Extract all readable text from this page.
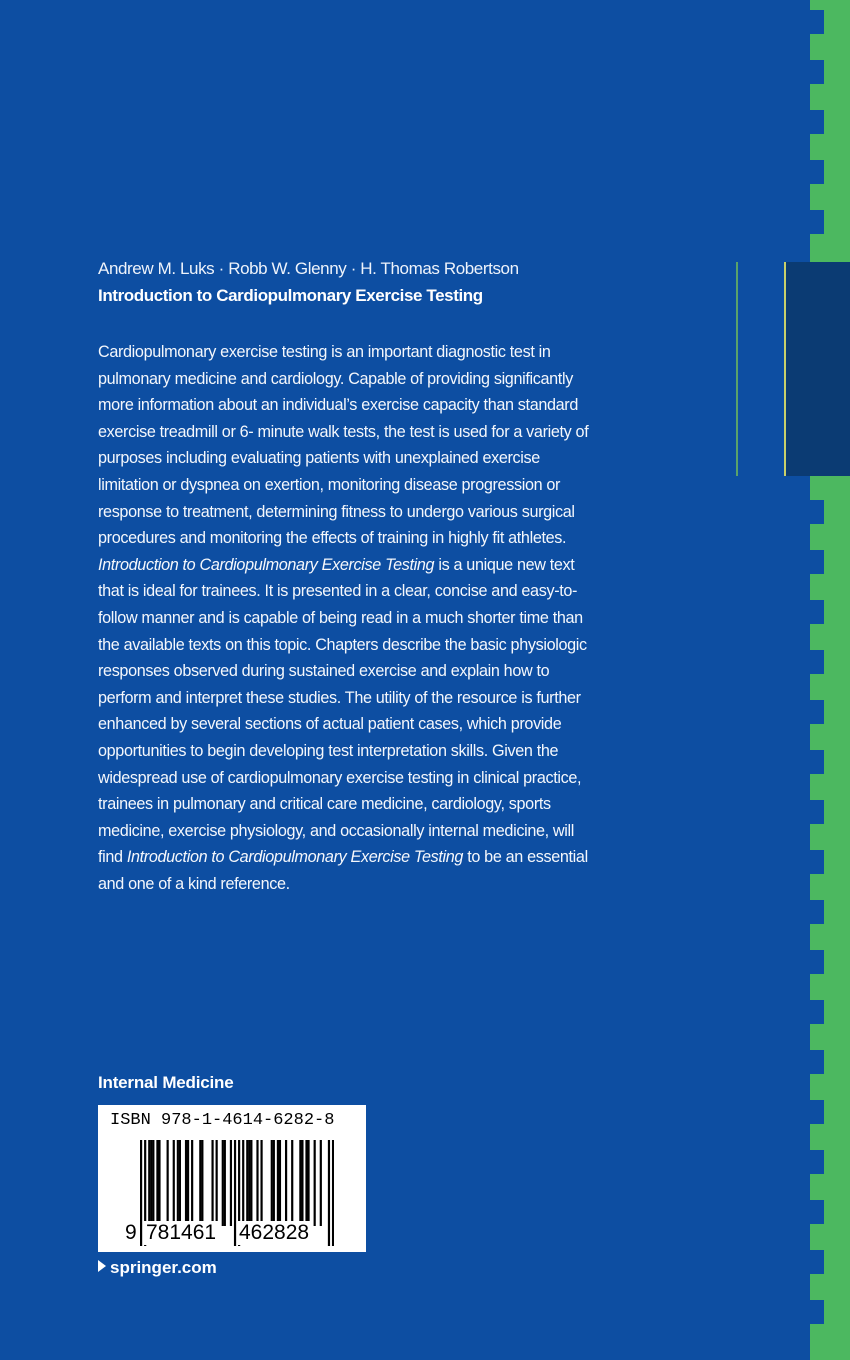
Andrew M. Luks · Robb W. Glenny · H. Thomas Robertson
Introduction to Cardiopulmonary Exercise Testing

Cardiopulmonary exercise testing is an important diagnostic test in pulmonary medicine and cardiology. Capable of providing significantly more information about an individual’s exercise capacity than standard exercise treadmill or 6- minute walk tests, the test is used for a variety of purposes including evaluating patients with unexplained exercise limitation or dyspnea on exertion, monitoring disease progression or response to treatment, determining fitness to undergo various surgical procedures and monitoring the effects of training in highly fit athletes. Introduction to Cardiopulmonary Exercise Testing is a unique new text that is ideal for trainees. It is presented in a clear, concise and easy-to-follow manner and is capable of being read in a much shorter time than the available texts on this topic. Chapters describe the basic physiologic responses observed during sustained exercise and explain how to perform and interpret these studies. The utility of the resource is further enhanced by several sections of actual patient cases, which provide opportunities to begin developing test interpretation skills. Given the widespread use of cardiopulmonary exercise testing in clinical practice, trainees in pulmonary and critical care medicine, cardiology, sports medicine, exercise physiology, and occasionally internal medicine, will find Introduction to Cardiopulmonary Exercise Testing to be an essential and one of a kind reference.

Internal Medicine
ISBN 978-1-4614-6282-8
9 781461 462828
springer.com
